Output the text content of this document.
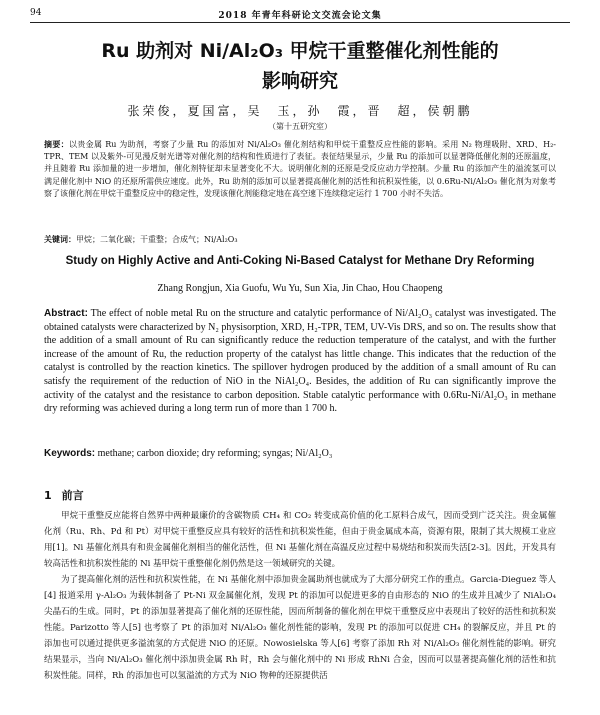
94	2018 年青年科研论文交流会论文集
Ru 助剂对 Ni/Al₂O₃ 甲烷干重整催化剂性能的
影响研究
张荣俊，夏国富，吴　玉，孙　霞，晋　超，侯朝鹏
（第十五研究室）
摘要：以贵金属 Ru 为助剂，考察了少量 Ru 的添加对 Ni/Al₂O₃ 催化剂结构和甲烷干重整反应性能的影响。采用 N₂ 物理吸附、XRD、H₂-TPR、TEM 以及紫外-可见漫反射光谱等对催化剂的结构和性质进行了表征。表征结果显示，少量 Ru 的添加可以显著降低催化剂的还原温度，并且随着 Ru 添加量的进一步增加，催化剂特征却未显著变化不大。说明催化剂的还原是受反应动力学控制。少量 Ru 的添加产生的溢流氢可以满足催化剂中 NiO 的还原所需供应速度。此外，Ru 助剂的添加可以显著提高催化剂的活性和抗积炭性能，以 0.6Ru-Ni/Al₂O₃ 催化剂为对象考察了该催化剂在甲烷干重整反应中的稳定性，发现该催化剂能稳定地在高空速下连续稳定运行 1 700 小时不失活。
关键词：甲烷；二氧化碳；干重整；合成气；Ni/Al₂O₃
Study on Highly Active and Anti-Coking Ni-Based Catalyst for Methane Dry Reforming
Zhang Rongjun, Xia Guofu, Wu Yu, Sun Xia, Jin Chao, Hou Chaopeng
Abstract: The effect of noble metal Ru on the structure and catalytic performance of Ni/Al₂O₃ catalyst was investigated. The obtained catalysts were characterized by N₂ physisorption, XRD, H₂-TPR, TEM, UV-Vis DRS, and so on. The results show that the addition of a small amount of Ru can significantly reduce the reduction temperature of the catalyst, and with the further increase of the amount of Ru, the reduction property of the catalyst has little change. This indicates that the reduction of the catalyst is controlled by the reaction kinetics. The spillover hydrogen produced by the addition of a small amount of Ru can satisfy the requirement of the reduction of NiO in the NiAl₂O₄. Besides, the addition of Ru can significantly improve the activity of the catalyst and the resistance to carbon deposition. Stable catalytic performance with 0.6Ru-Ni/Al₂O₃ in methane dry reforming was achieved during a long term run of more than 1 700 h.
Keywords: methane; carbon dioxide; dry reforming; syngas; Ni/Al₂O₃
1 前言

甲烷干重整反应能将自然界中两种最廉价的含碳物质 CH₄ 和 CO₂ 转变成高价值的化工原料合成气，因而受到广泛关注。贵金属催化剂（Ru、Rh、Pd 和 Pt）对甲烷干重整反应具有较好的活性和抗积炭性能，但由于贵金属成本高，资源有限，限制了其大规模工业应用[1]。Ni 基催化剂具有和贵金属催化剂相当的催化活性，但 Ni 基催化剂在高温反应过程中易烧结和积炭而失活[2-3]。因此，开发具有较高活性和抗积炭性能的 Ni 基甲烷干重整催化剂仍然是这一领域研究的关键。

为了提高催化剂的活性和抗积炭性能，在 Ni 基催化剂中添加贵金属助剂也就成为了大部分研究工作的重点。Garcia-Dieguez 等人[4] 报道采用 γ-Al₂O₃ 为载体制备了 Pt-Ni 双金属催化剂，发现 Pt 的添加可以促进更多的自由形态的 NiO 的生成并且减少了 NiAl₂O₄ 尖晶石的生成。同时，Pt 的添加显著提高了催化剂的还原性能，因而所制备的催化剂在甲烷干重整反应中表现出了较好的活性和抗积炭性能。Parizotto 等人[5] 也考察了 Pt 的添加对 Ni/Al₂O₃ 催化剂性能的影响，发现 Pt 的添加可以促进 CH₄ 的裂解反应，并且 Pt 的添加也可以通过提供更多溢流氢的方式促进 NiO 的还原。Nowosielska 等人[6] 考察了添加 Rh 对 Ni/Al₂O₃ 催化剂性能的影响。研究结果显示，当向 Ni/Al₂O₃ 催化剂中添加贵金属 Rh 时，Rh 会与催化剂中的 Ni 形成 RhNi 合金，因而可以显著提高催化剂的活性和抗积炭性能。同样，Rh 的添加也可以氢溢流的方式为 NiO 物种的还原提供活
